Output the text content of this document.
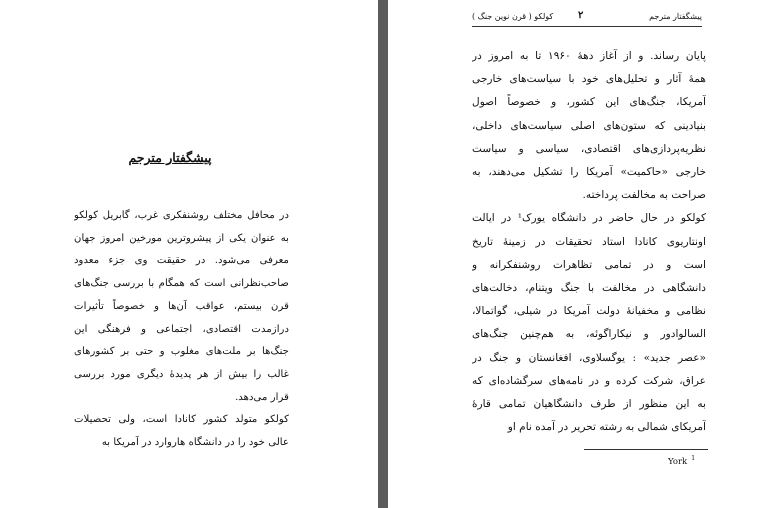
پیشگفتار مترجم
در محافل مختلف روشنفکری غرب، گابریل کولکو
به عنوان یکی از پیشروترین مورخین امروز جهان
معرفی می‌شود. در حقیقت وی جزء معدود
صاحب‌نظرانی است که همگام با بررسی جنگ‌های
قرن بیستم، عواقب آن‌ها و خصوصاً تأثیرات
درازمدت اقتصادی، اجتماعی و فرهنگی این
جنگ‌ها بر ملت‌های مغلوب و حتی بر کشورهای
غالب را بیش از هر پدیدهٔ دیگری مورد بررسی
قرار می‌دهد.
کولکو متولد کشور کانادا است، ولی تحصیلات
عالی خود را در دانشگاه هاروارد در آمریکا به
پیشگفتار مترجم
۲
کولکو ( قرن نوین جنگ )
پایان رساند. و از آغاز دههٔ ۱۹۶۰ تا به امروز در
همهٔ آثار و تحلیل‌های خود با سیاست‌های خارجی
آمریکا، جنگ‌های این کشور، و خصوصاً اصول
بنیادینی که ستون‌های اصلی سیاست‌های داخلی،
نظریه‌پردازی‌های اقتصادی، سیاسی و سیاست
خارجی «حاکمیت» آمریکا را تشکیل می‌دهند، به
صراحت به مخالفت پرداخته.
کولکو در حال حاضر در دانشگاه یورک¹ در ایالت
اونتاریوی کانادا استاد تحقیقات در زمینهٔ تاریخ
است و در تمامی تظاهرات روشنفکرانه و
دانشگاهی در مخالفت با جنگ ویتنام، دخالت‌های
نظامی و مخفیانهٔ دولت آمریکا در شیلی، گواتمالا،
السالوادور و نیکاراگوئه، به هم‌چنین جنگ‌های
«عصر جدید» : یوگسلاوی، افغانستان و جنگ در
عراق، شرکت کرده و در نامه‌های سرگشاده‌ای که
به این منظور از طرف دانشگاهیان تمامی قارهٔ
آمریکای شمالی به رشته تحریر در آمده نام او
York $^1$
